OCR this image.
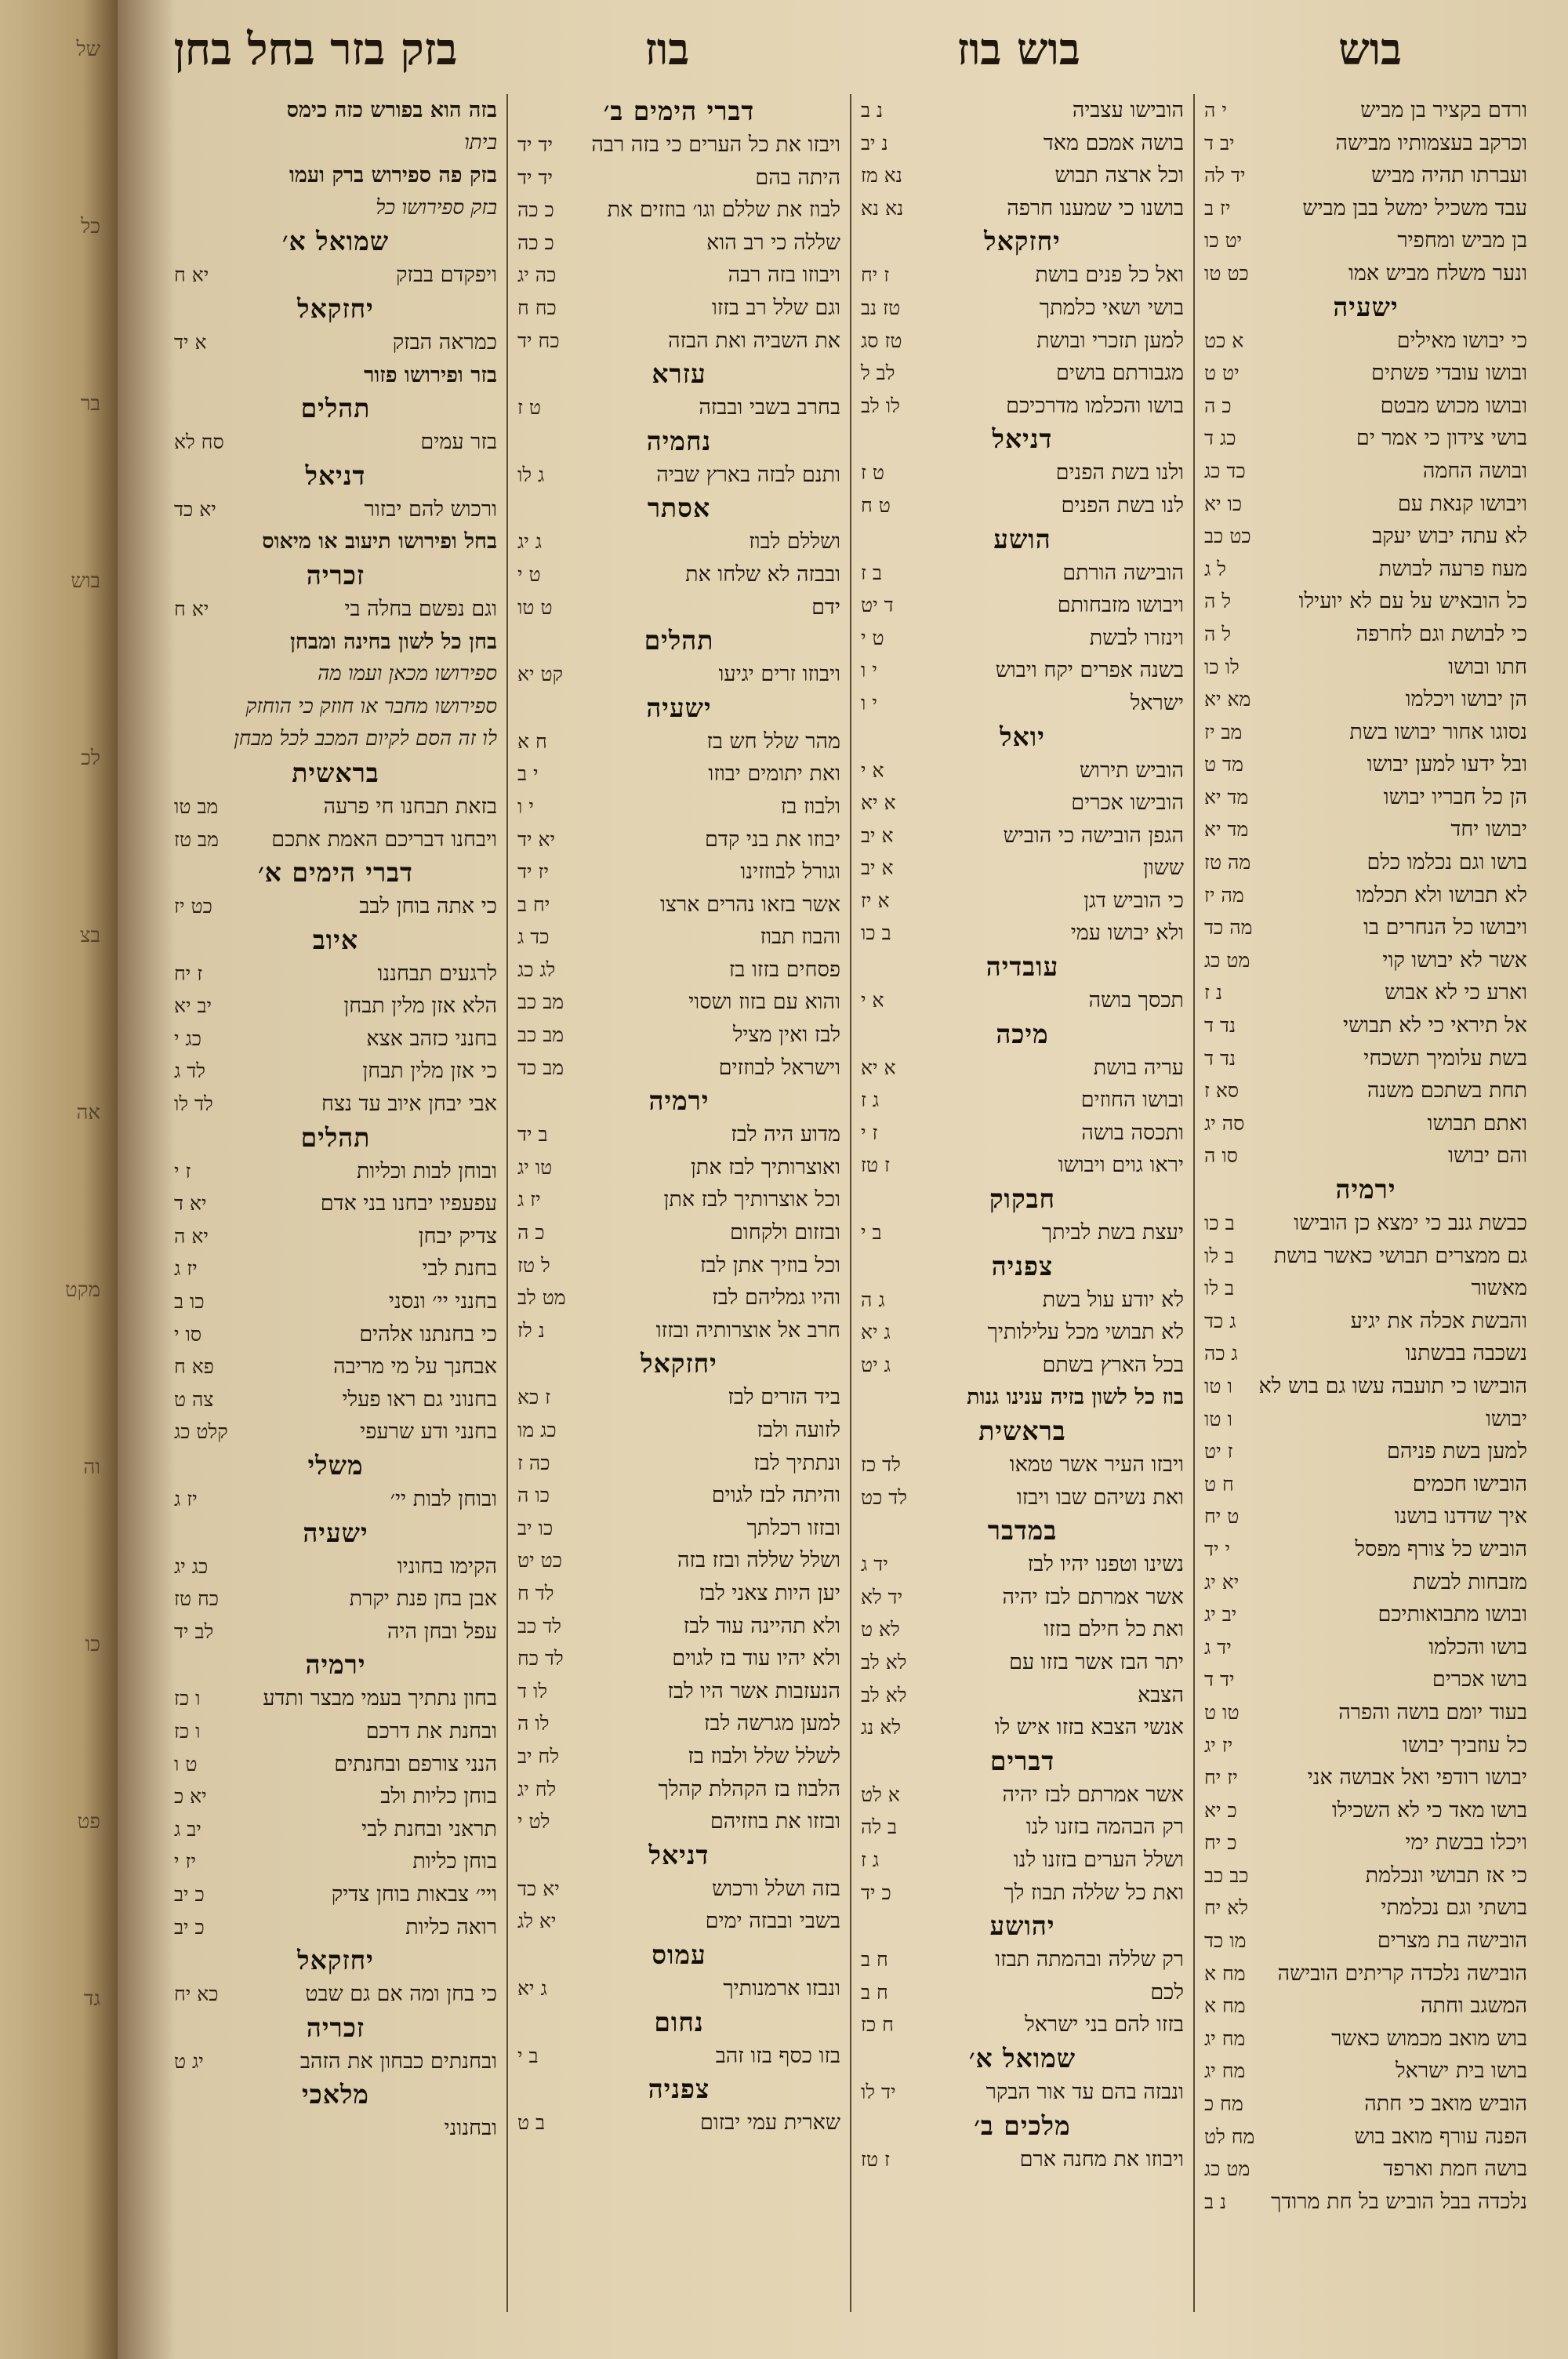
של
כל
בר
בוש
לכ
בצ
אה
מקט
וה
כו
פט
גד
בוש
בוש בוז
בוז
בזק בזר בחל בחן
ורדם בקציר בן מביש
י ה
וכרקב בעצמותיו מבישה
יב ד
ועברתו תהיה מביש
יד לה
עבד משכיל ימשל בבן מביש
יז ב
בן מביש ומחפיר
יט כו
ונער משלח מביש אמו
כט טו
ישעיה
כי יבושו מאילים
א כט
ובושו עובדי פשתים
יט ט
ובושו מכוש מבטם
כ ה
בושי צידון כי אמר ים
כג ד
ובושה החמה
כד כג
ויבושו קנאת עם
כו יא
לא עתה יבוש יעקב
כט כב
מעוז פרעה לבושת
ל ג
כל הובאיש על עם לא יועילו
ל ה
כי לבושת וגם לחרפה
ל ה
חתו ובושו
לו כו
הן יבושו ויכלמו
מא יא
נסוגו אחור יבושו בשת
מב יז
ובל ידעו למען יבושו
מד ט
הן כל חבריו יבושו
מד יא
יבושו יחד
מד יא
בושו וגם נכלמו כלם
מה טז
לא תבושו ולא תכלמו
מה יז
ויבושו כל הנחרים בו
מה כד
אשר לא יבושו קוי
מט כג
וארע כי לא אבוש
נ ז
אל תיראי כי לא תבושי
נד ד
בשת עלומיך תשכחי
נד ד
תחת בשתכם משנה
סא ז
ואתם תבושו
סה יג
והם יבושו
סו ה
ירמיה
כבשת גנב כי ימצא כן הובישו
ב כו
גם ממצרים תבושי כאשר בושת
ב לו
מאשור
ב לו
והבשת אכלה את יגיע
ג כד
נשכבה בבשתנו
ג כה
הובישו כי תועבה עשו גם בוש לא
ו טו
יבושו
ו טו
למען בשת פניהם
ז יט
הובישו חכמים
ח ט
איך שדדנו בושנו
ט יח
הוביש כל צורף מפסל
י יד
מזבחות לבשת
יא יג
ובושו מתבואותיכם
יב יג
בושו והכלמו
יד ג
בושו אכרים
יד ד
בעוד יומם בושה והפרה
טו ט
כל עוזביך יבושו
יז יג
יבושו רודפי ואל אבושה אני
יז יח
בושו מאד כי לא השכילו
כ יא
ויכלו בבשת ימי
כ יח
כי אז תבושי ונכלמת
כב כב
בושתי וגם נכלמתי
לא יח
הובישה בת מצרים
מו כד
הובישה נלכדה קריתים הובישה
מח א
המשגב וחתה
מח א
בוש מואב מכמוש כאשר
מח יג
בושו בית ישראל
מח יג
הוביש מואב כי חתה
מח כ
הפנה עורף מואב בוש
מח לט
בושה חמת וארפד
מט כג
נלכדה בבל הוביש בל חת מרודך
נ ב
הובישו עצביה
נ ב
בושה אמכם מאד
נ יב
וכל ארצה תבוש
נא מז
בושנו כי שמענו חרפה
נא נא
יחזקאל
ואל כל פנים בושת
ז יח
בושי ושאי כלמתך
טז נב
למען תזכרי ובושת
טז סג
מגבורתם בושים
לב ל
בושו והכלמו מדרכיכם
לו לב
דניאל
ולנו בשת הפנים
ט ז
לנו בשת הפנים
ט ח
הושע
הובישה הורתם
ב ז
ויבושו מזבחותם
ד יט
וינזרו לבשת
ט י
בשנה אפרים יקח ויבוש
י ו
ישראל
י ו
יואל
הוביש תירוש
א י
הובישו אכרים
א יא
הגפן הובישה כי הוביש
א יב
ששון
א יב
כי הוביש דגן
א יז
ולא יבושו עמי
ב כו
עובדיה
תכסך בושה
א י
מיכה
עריה בושת
א יא
ובושו החוזים
ג ז
ותכסה בושה
ז י
יראו גוים ויבושו
ז טז
חבקוק
יעצת בשת לביתך
ב י
צפניה
לא יודע עול בשת
ג ה
לא תבושי מכל עלילותיך
ג יא
בכל הארץ בשתם
ג יט
בוז כל לשון בזיה ענינו גנות
בראשית
ויבזו העיר אשר טמאו
לד כז
ואת נשיהם שבו ויבזו
לד כט
במדבר
נשינו וטפנו יהיו לבז
יד ג
אשר אמרתם לבז יהיה
יד לא
ואת כל חילם בזזו
לא ט
יתר הבז אשר בזזו עם
לא לב
הצבא
לא לב
אנשי הצבא בזזו איש לו
לא נג
דברים
אשר אמרתם לבז יהיה
א לט
רק הבהמה בזזנו לנו
ב לה
ושלל הערים בזזנו לנו
ג ז
ואת כל שללה תבוז לך
כ יד
יהושע
רק שללה ובהמתה תבזו
ח ב
לכם
ח ב
בזזו להם בני ישראל
ח כז
שמואל א׳
ונבזה בהם עד אור הבקר
יד לו
מלכים ב׳
ויבוזו את מחנה ארם
ז טז
דברי הימים ב׳
ויבזו את כל הערים כי בזה רבה
יד יד
היתה בהם
יד יד
לבוז את שללם וגו׳ בוזזים את
כ כה
שללה כי רב הוא
כ כה
ויבוזו בזה רבה
כה יג
וגם שלל רב בזזו
כח ח
את השביה ואת הבזה
כח יד
עזרא
בחרב בשבי ובבזה
ט ז
נחמיה
ותנם לבזה בארץ שביה
ג לו
אסתר
ושללם לבוז
ג יג
ובבזה לא שלחו את
ט י
ידם
ט טו
תהלים
ויבוזו זרים יגיעו
קט יא
ישעיה
מהר שלל חש בז
ח א
ואת יתומים יבוזו
י ב
ולבוז בז
י ו
יבוזו את בני קדם
יא יד
וגורל לבוזזינו
יז יד
אשר בזאו נהרים ארצו
יח ב
והבוז תבוז
כד ג
פסחים בזזו בז
לג כג
והוא עם בזוז ושסוי
מב כב
לבז ואין מציל
מב כב
וישראל לבוזזים
מב כד
ירמיה
מדוע היה לבז
ב יד
ואוצרותיך לבז אתן
טו יג
וכל אוצרותיך לבז אתן
יז ג
ובזזום ולקחום
כ ה
וכל בוזיך אתן לבז
ל טז
והיו גמליהם לבז
מט לב
חרב אל אוצרותיה ובזזו
נ לז
יחזקאל
ביד הזרים לבז
ז כא
לזועה ולבז
כג מו
ונתתיך לבז
כה ז
והיתה לבז לגוים
כו ה
ובזזו רכלתך
כו יב
ושלל שללה ובזז בזה
כט יט
יען היות צאני לבז
לד ח
ולא תהיינה עוד לבז
לד כב
ולא יהיו עוד בז לגוים
לד כח
הנעזבות אשר היו לבז
לו ד
למען מגרשה לבז
לו ה
לשלל שלל ולבוז בז
לח יב
הלבוז בז הקהלת קהלך
לח יג
ובזזו את בוזזיהם
לט י
דניאל
בזה ושלל ורכוש
יא כד
בשבי ובבזה ימים
יא לג
עמוס
ונבזו ארמנותיך
ג יא
נחום
בזו כסף בזו זהב
ב י
צפניה
שארית עמי יבזום
ב ט
בזה הוא בפורש כזה כימס
ביתו
בזק פה ספירוש ברק ועמו
בזק ספירושו כל
שמואל א׳
ויפקדם בבזק
יא ח
יחזקאל
כמראה הבזק
א יד
בזר ופירושו פזור
תהלים
בזר עמים
סח לא
דניאל
ורכוש להם יבזור
יא כד
בחל ופירושו תיעוב או מיאוס
זכריה
וגם נפשם בחלה בי
יא ח
בחן כל לשון בחינה ומבחן
ספירושו מכאן ועמו מה
ספירושו מחבר או חוזק כי הוחזק
לו זה הסם לקיום המכב לכל מבחן
בראשית
בזאת תבחנו חי פרעה
מב טו
ויבחנו דבריכם האמת אתכם
מב טז
דברי הימים א׳
כי אתה בוחן לבב
כט יז
איוב
לרגעים תבחננו
ז יח
הלא אזן מלין תבחן
יב יא
בחנני כזהב אצא
כג י
כי אזן מלין תבחן
לד ג
אבי יבחן איוב עד נצח
לד לו
תהלים
ובוחן לבות וכליות
ז י
עפעפיו יבחנו בני אדם
יא ד
צדיק יבחן
יא ה
בחנת לבי
יז ג
בחנני יי׳ ונסני
כו ב
כי בחנתנו אלהים
סו י
אבחנך על מי מריבה
פא ח
בחנוני גם ראו פעלי
צה ט
בחנני ודע שרעפי
קלט כג
משלי
ובוחן לבות יי׳
יז ג
ישעיה
הקימו בחוניו
כג יג
אבן בחן פנת יקרת
כח טז
עפל ובחן היה
לב יד
ירמיה
בחון נתתיך בעמי מבצר ותדע
ו כז
ובחנת את דרכם
ו כז
הנני צורפם ובחנתים
ט ו
בוחן כליות ולב
יא כ
תראני ובחנת לבי
יב ג
בוחן כליות
יז י
ויי׳ צבאות בוחן צדיק
כ יב
רואה כליות
כ יב
יחזקאל
כי בחן ומה אם גם שבט
כא יח
זכריה
ובחנתים כבחון את הזהב
יג ט
מלאכי
ובחנוני
